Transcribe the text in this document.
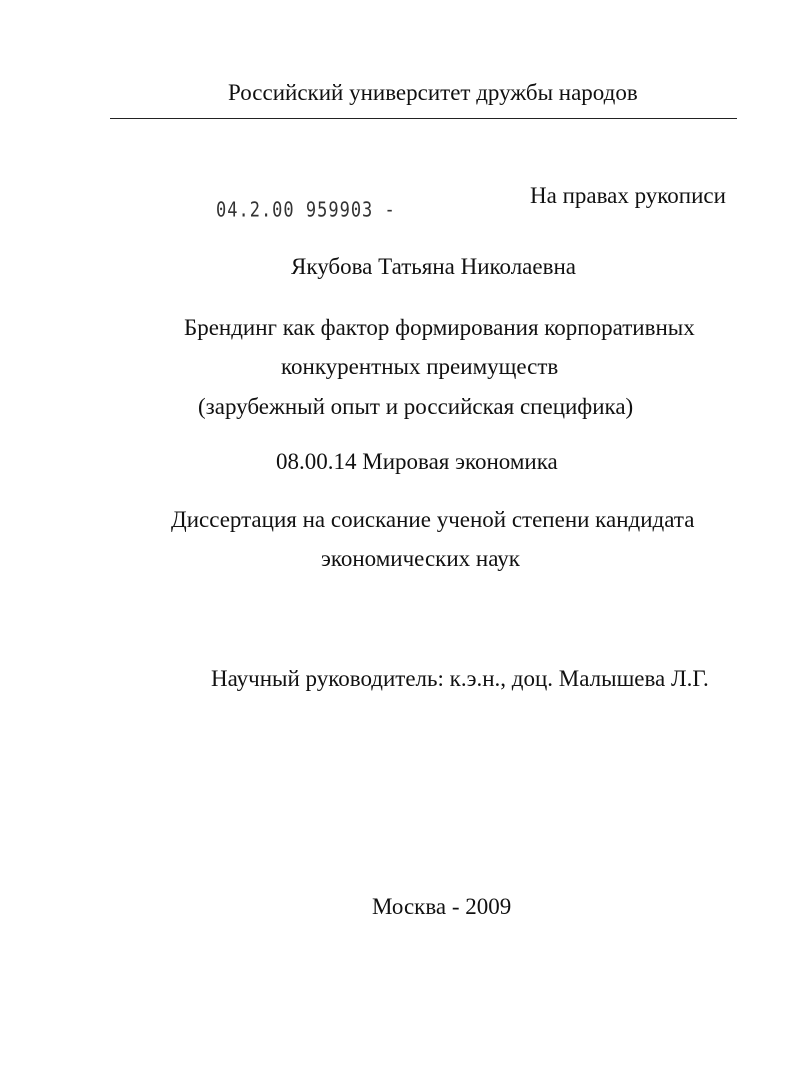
Российский университет дружбы народов
04.2.00 959903 -
На правах рукописи
Якубова Татьяна Николаевна
Брендинг как фактор формирования корпоративных
конкурентных преимуществ
(зарубежный опыт и российская специфика)
08.00.14 Мировая экономика
Диссертация на соискание ученой степени кандидата
экономических наук
Научный руководитель: к.э.н., доц. Малышева Л.Г.
Москва - 2009
